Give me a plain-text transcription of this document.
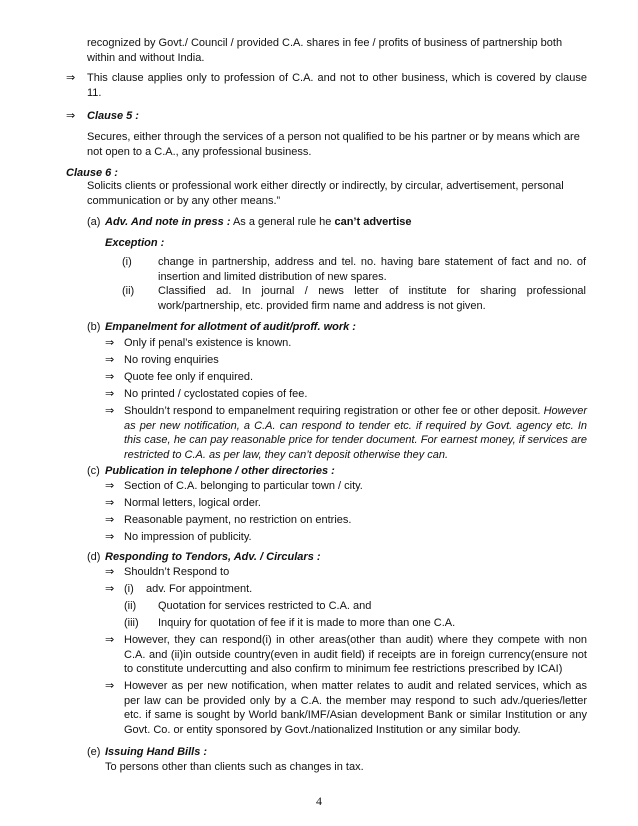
recognized by Govt./ Council / provided C.A. shares in fee / profits of business of partnership both

within and without India.

⇒ This clause applies only to profession of C.A. and not to other business, which is covered by clause 11.

⇒ Clause 5 :

Secures, either through the services of a person not qualified to be his partner or by means which are not open to a C.A., any professional business.

Clause 6 :

Solicits clients or professional work either directly or indirectly, by circular, advertisement, personal communication or by any other means.”

(a) Adv. And note in press : As a general rule he can’t advertise

Exception :

(i) change in partnership, address and tel. no. having bare statement of fact and no. of insertion and limited distribution of new spares.

(ii) Classified ad. In journal / news letter of institute for sharing professional work/partnership, etc. provided firm name and address is not given.

(b) Empanelment for allotment of audit/proff. work :

⇒ Only if penal’s existence is known.

⇒ No roving enquiries

⇒ Quote fee only if enquired.

⇒ No printed / cyclostated copies of fee.

⇒ Shouldn’t respond to empanelment requiring registration or other fee or other deposit. However as per new notification, a C.A. can respond to tender etc. if required by Govt. agency etc. In this case, he can pay reasonable price for tender document. For earnest money, if services are restricted to C.A. as per law, they can’t deposit otherwise they can.
(c) Publication in telephone / other directories :

⇒ Section of C.A. belonging to particular town / city.

⇒ Normal letters, logical order.

⇒ Reasonable payment, no restriction on entries.

⇒ No impression of publicity.

(d) Responding to Tendors, Adv. / Circulars :

⇒ Shouldn’t Respond to

⇒ (i) adv. For appointment.

(ii) Quotation for services restricted to C.A. and

(iii) Inquiry for quotation of fee if it is made to more than one C.A.

⇒ However, they can respond(i) in other areas(other than audit) where they compete with non C.A. and (ii)in outside country(even in audit field) if receipts are in foreign currency(ensure not to constitute undercutting and also confirm to minimum fee restrictions prescribed by ICAI)

⇒ However as per new notification, when matter relates to audit and related services, which as per law can be provided only by a C.A. the member may respond to such adv./queries/letter etc. if same is sought by World bank/IMF/Asian development Bank or similar Institution or any Govt. Co. or entity sponsored by Govt./nationalized Institution or any similar body.

(e) Issuing Hand Bills :

To persons other than clients such as changes in tax.

4
